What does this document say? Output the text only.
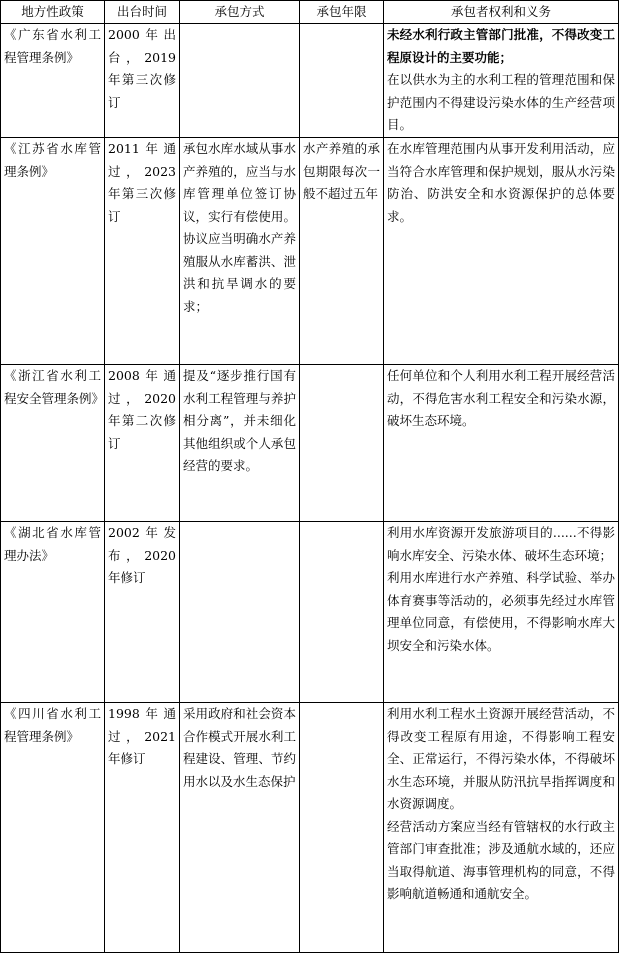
地方性政策	出台时间	承包方式	承包年限	承包者权利和义务
《广东省水利工程管理条例》	2000年出台，2019年第三次修订			未经水利行政主管部门批准，不得改变工程原设计的主要功能；

在以供水为主的水利工程的管理范围和保护范围内不得建设污染水体的生产经营项目。

《江苏省水库管理条例》	2011年通过，2023年第三次修订	承包水库水域从事水产养殖的，应当与水库管理单位签订协议，实行有偿使用。协议应当明确水产养殖服从水库蓄洪、泄洪和抗旱调水的要求；	水产养殖的承包期限每次一般不超过五年	在水库管理范围内从事开发利用活动，应当符合水库管理和保护规划，服从水污染防治、防洪安全和水资源保护的总体要求。

《浙江省水利工程安全管理条例》	2008年通过，2020年第二次修订	提及“逐步推行国有水利工程管理与养护相分离”，并未细化其他组织或个人承包经营的要求。		任何单位和个人利用水利工程开展经营活动，不得危害水利工程安全和污染水源，破坏生态环境。

《湖北省水库管理办法》	2002年发布，2020年修订			利用水库资源开发旅游项目的......不得影响水库安全、污染水体、破坏生态环境；

利用水库进行水产养殖、科学试验、举办体育赛事等活动的，必须事先经过水库管理单位同意，有偿使用，不得影响水库大坝安全和污染水体。

《四川省水利工程管理条例》	1998年通过，2021年修订	采用政府和社会资本合作模式开展水利工程建设、管理、节约用水以及水生态保护		利用水利工程水土资源开展经营活动，不得改变工程原有用途，不得影响工程安全、正常运行，不得污染水体，不得破坏水生态环境，并服从防汛抗旱指挥调度和水资源调度。

经营活动方案应当经有管辖权的水行政主管部门审查批准；涉及通航水域的，还应当取得航道、海事管理机构的同意，不得影响航道畅通和通航安全。
